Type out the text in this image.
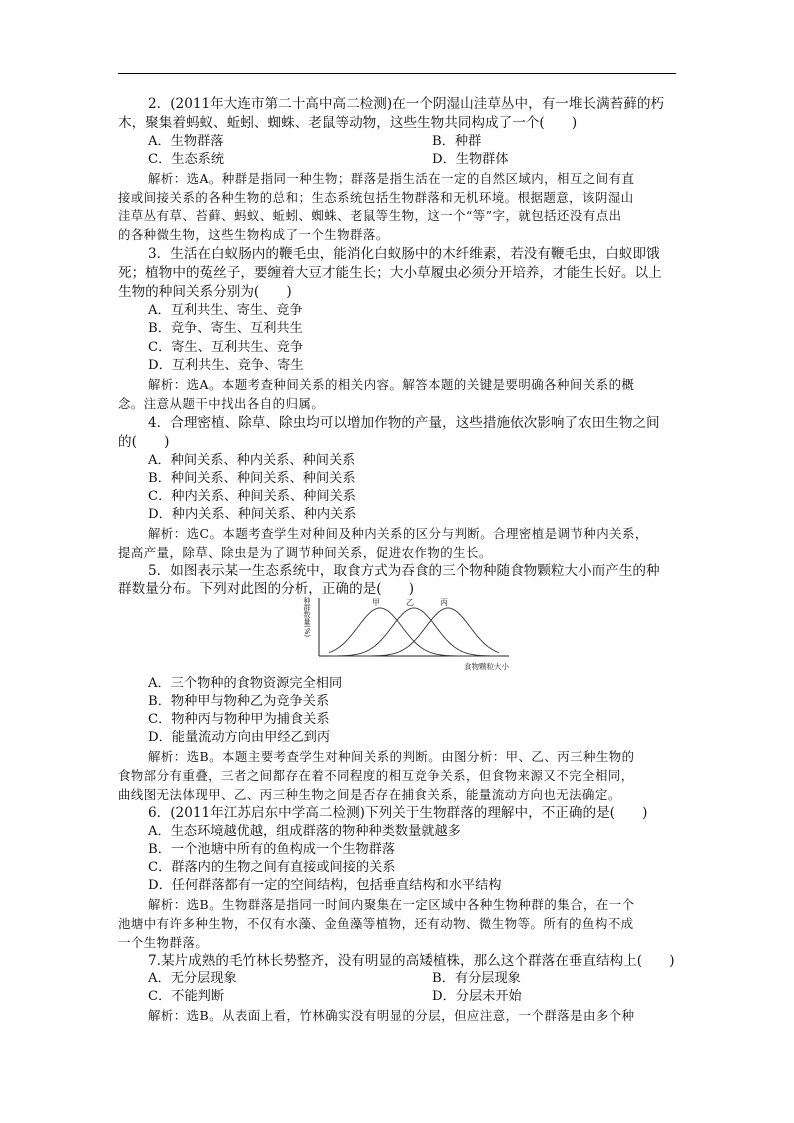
2．(2011年大连市第二十高中高二检测)在一个阴湿山洼草丛中，有一堆长满苔藓的朽
木，聚集着蚂蚁、蚯蚓、蜘蛛、老鼠等动物，这些生物共同构成了一个(　　)
A．生物群落	B．种群
C．生态系统	D．生物群体
解析：选A。种群是指同一种生物；群落是指生活在一定的自然区域内，相互之间有直
接或间接关系的各种生物的总和；生态系统包括生物群落和无机环境。根据题意，该阴湿山
洼草丛有草、苔藓、蚂蚁、蚯蚓、蜘蛛、老鼠等生物，这一个“等”字，就包括还没有点出
的各种微生物，这些生物构成了一个生物群落。
3．生活在白蚁肠内的鞭毛虫，能消化白蚁肠中的木纤维素，若没有鞭毛虫，白蚁即饿
死；植物中的菟丝子，要缠着大豆才能生长；大小草履虫必须分开培养，才能生长好。以上
生物的种间关系分别为(　　)
A．互利共生、寄生、竞争
B．竞争、寄生、互利共生
C．寄生、互利共生、竞争
D．互利共生、竞争、寄生
解析：选A。本题考查种间关系的相关内容。解答本题的关键是要明确各种间关系的概
念。注意从题干中找出各自的归属。
4．合理密植、除草、除虫均可以增加作物的产量，这些措施依次影响了农田生物之间
的(　　)
A．种间关系、种内关系、种间关系
B．种间关系、种间关系、种间关系
C．种内关系、种间关系、种间关系
D．种内关系、种间关系、种内关系
解析：选C。本题考查学生对种间及种内关系的区分与判断。合理密植是调节种内关系，
提高产量，除草、除虫是为了调节种间关系，促进农作物的生长。
5．如图表示某一生态系统中，取食方式为吞食的三个物种随食物颗粒大小而产生的种
群数量分布。下列对此图的分析，正确的是(　　)
种群数量(%)
食物颗粒大小
甲	乙	丙
A．三个物种的食物资源完全相同
B．物种甲与物种乙为竞争关系
C．物种丙与物种甲为捕食关系
D．能量流动方向由甲经乙到丙
解析：选B。本题主要考查学生对种间关系的判断。由图分析：甲、乙、丙三种生物的
食物部分有重叠，三者之间都存在着不同程度的相互竞争关系，但食物来源又不完全相同，
曲线图无法体现甲、乙、丙三种生物之间是否存在捕食关系，能量流动方向也无法确定。
6．(2011年江苏启东中学高二检测)下列关于生物群落的理解中，不正确的是(　　)
A．生态环境越优越，组成群落的物种种类数量就越多
B．一个池塘中所有的鱼构成一个生物群落
C．群落内的生物之间有直接或间接的关系
D．任何群落都有一定的空间结构，包括垂直结构和水平结构
解析：选B。生物群落是指同一时间内聚集在一定区域中各种生物种群的集合，在一个
池塘中有许多种生物，不仅有水藻、金鱼藻等植物，还有动物、微生物等。所有的鱼构不成
一个生物群落。
7.某片成熟的毛竹林长势整齐，没有明显的高矮植株，那么这个群落在垂直结构上(　　)
A．无分层现象	B．有分层现象
C．不能判断	D．分层未开始
解析：选B。从表面上看，竹林确实没有明显的分层，但应注意，一个群落是由多个种
